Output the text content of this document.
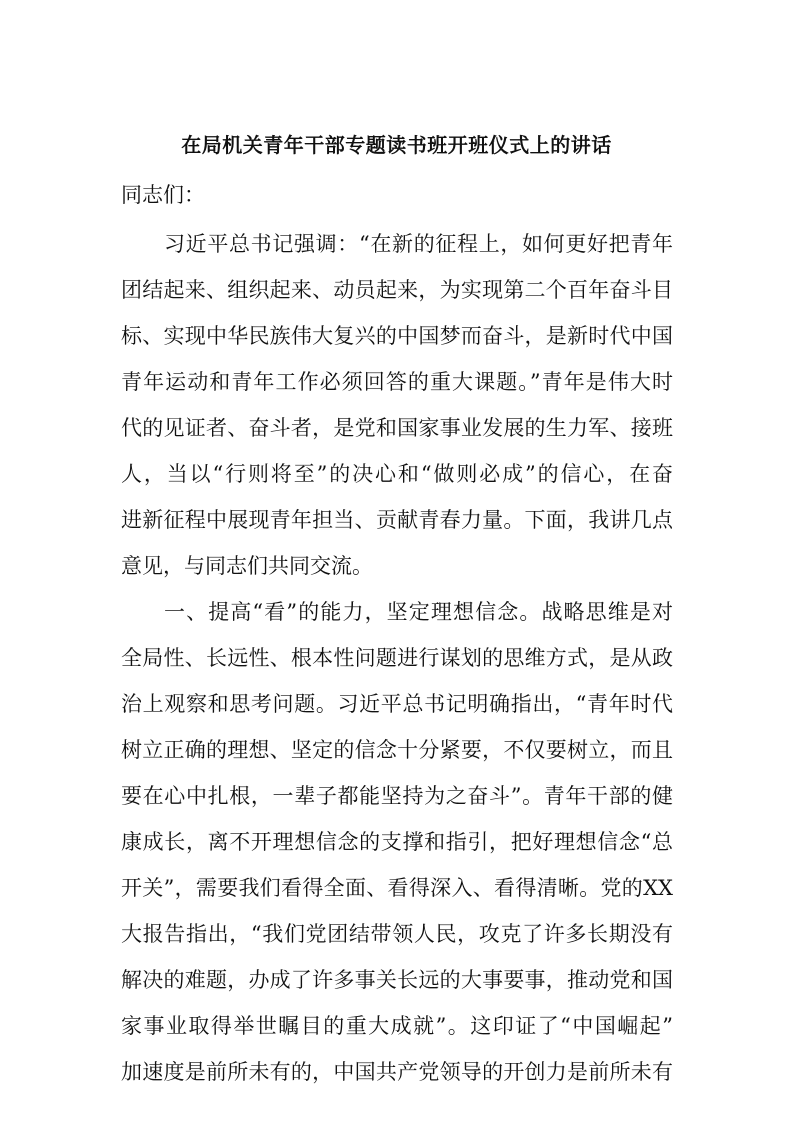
在局机关青年干部专题读书班开班仪式上的讲话
同志们：
习近平总书记强调：“在新的征程上，如何更好把青年
团结起来、组织起来、动员起来，为实现第二个百年奋斗目
标、实现中华民族伟大复兴的中国梦而奋斗，是新时代中国
青年运动和青年工作必须回答的重大课题。”青年是伟大时
代的见证者、奋斗者，是党和国家事业发展的生力军、接班
人，当以“行则将至”的决心和“做则必成”的信心，在奋
进新征程中展现青年担当、贡献青春力量。下面，我讲几点
意见，与同志们共同交流。
一、提高“看”的能力，坚定理想信念。战略思维是对
全局性、长远性、根本性问题进行谋划的思维方式，是从政
治上观察和思考问题。习近平总书记明确指出，“青年时代
树立正确的理想、坚定的信念十分紧要，不仅要树立，而且
要在心中扎根，一辈子都能坚持为之奋斗”。青年干部的健
康成长，离不开理想信念的支撑和指引，把好理想信念“总
开关”，需要我们看得全面、看得深入、看得清晰。党的XX
大报告指出，“我们党团结带领人民，攻克了许多长期没有
解决的难题，办成了许多事关长远的大事要事，推动党和国
家事业取得举世瞩目的重大成就”。这印证了“中国崛起”
加速度是前所未有的，中国共产党领导的开创力是前所未有
